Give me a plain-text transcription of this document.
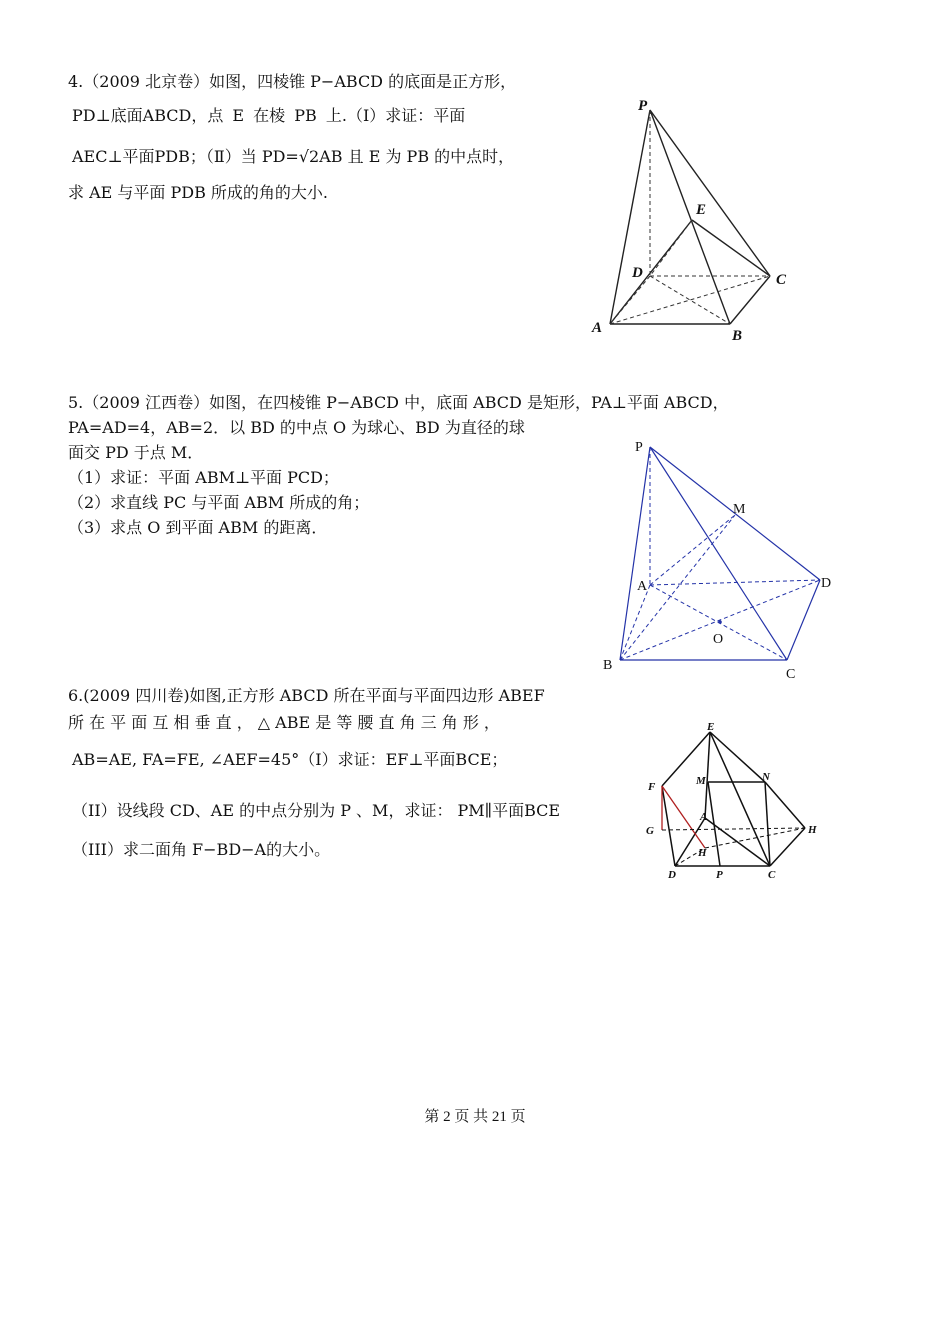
4.（2009 北京卷）如图，四棱锥 P−ABCD 的底面是正方形，
PD⊥底面ABCD，点 E 在棱 PB 上.（Ⅰ）求证：平面
AEC⊥平面PDB；（Ⅱ）当 PD=√2AB 且 E 为 PB 的中点时，
求 AE 与平面 PDB 所成的角的大小.
P
E
D	C
A	B
5.（2009 江西卷）如图，在四棱锥 P−ABCD 中，底面 ABCD 是矩形，PA⊥平面 ABCD，
PA=AD=4，AB=2．以 BD 的中点 O 为球心、BD 为直径的球
面交 PD 于点 M．
（1）求证：平面 ABM⊥平面 PCD；
（2）求直线 PC 与平面 ABM 所成的角；
（3）求点 O 到平面 ABM 的距离．
P
M
A	D
O
B
C
6.(2009 四川卷)如图,正方形 ABCD 所在平面与平面四边形 ABEF
所 在 平 面 互 相 垂 直 ， △ ABE 是 等 腰 直 角 三 角 形 ，
AB=AE, FA=FE, ∠AEF=45°（I）求证：EF⊥平面BCE；
（II）设线段 CD、AE 的中点分别为 P 、M，求证： PM∥平面BCE
（III）求二面角 F−BD−A的大小。
E
M	N
F
A
G
H
H
D	P	C
第 2 页 共 21 页
